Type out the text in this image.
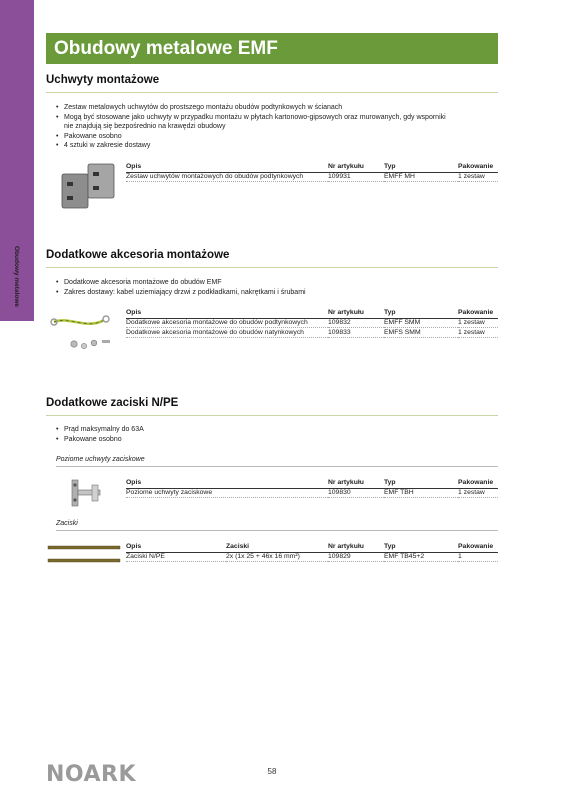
Obudowy metalowe
Obudowy metalowe EMF
Uchwyty montażowe
• Zestaw metalowych uchwytów do prostszego montażu obudów podtynkowych w ścianach
• Mogą być stosowane jako uchwyty w przypadku montażu w płytach kartonowo-gipsowych oraz murowanych, gdy wsporniki
nie znajdują się bezpośrednio na krawędzi obudowy
• Pakowane osobno
• 4 sztuki w zakresie dostawy
Opis	Nr artykułu	Typ	Pakowanie
Zestaw uchwytów montażowych do obudów podtynkowych	109931	EMFF MH	1 zestaw
Dodatkowe akcesoria montażowe
• Dodatkowe akcesoria montażowe do obudów EMF
• Zakres dostawy: kabel uziemiający drzwi z podkładkami, nakrętkami i śrubami
Opis	Nr artykułu	Typ	Pakowanie
Dodatkowe akcesoria montażowe do obudów podtynkowych	109832	EMFF SMM	1 zestaw
Dodatkowe akcesoria montażowe do obudów natynkowych	109833	EMFS SMM	1 zestaw
Dodatkowe zaciski N/PE
• Prąd maksymalny do 63A
• Pakowane osobno
Poziome uchwyty zaciskowe
Opis	Nr artykułu	Typ	Pakowanie
Poziome uchwyty zaciskowe	109830	EMF TBH	1 zestaw
Zaciski
Opis	Zaciski	Nr artykułu	Typ	Pakowanie
Zaciski N/PE	2x (1x 25 + 46x 16 mm²)	109829	EMF TB45+2	1
NOARK	58
